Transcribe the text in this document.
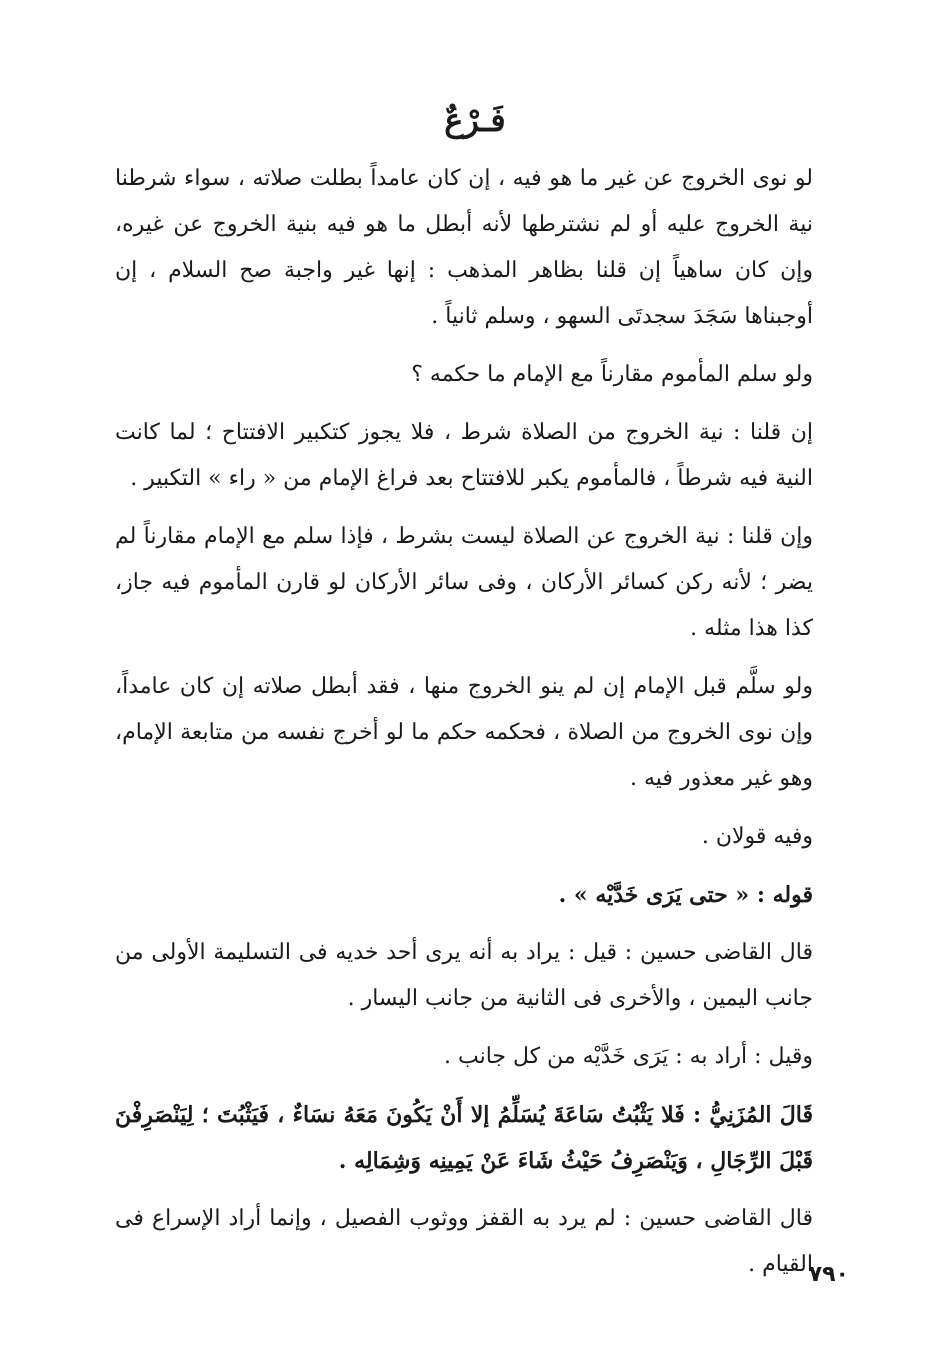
فَـرْعٌ

لو نوى الخروج عن غير ما هو فيه ، إن كان عامداً بطلت صلاته ، سواء شرطنا نية الخروج عليه أو لم نشترطها لأنه أبطل ما هو فيه بنية الخروج عن غيره، وإن كان ساهياً إن قلنا بظاهر المذهب : إنها غير واجبة صح السلام ، إن أوجبناها سَجَدَ سجدتَى السهو ، وسلم ثانياً .

ولو سلم المأموم مقارناً مع الإمام ما حكمه ؟

إن قلنا : نية الخروج من الصلاة شرط ، فلا يجوز كتكبير الافتتاح ؛ لما كانت النية فيه شرطاً ، فالمأموم يكبر للافتتاح بعد فراغ الإمام من « راء » التكبير .

وإن قلنا : نية الخروج عن الصلاة ليست بشرط ، فإذا سلم مع الإمام مقارناً لم يضر ؛ لأنه ركن كسائر الأركان ، وفى سائر الأركان لو قارن المأموم فيه جاز، كذا هذا مثله .

ولو سلَّم قبل الإمام إن لم ينو الخروج منها ، فقد أبطل صلاته إن كان عامداً، وإن نوى الخروج من الصلاة ، فحكمه حكم ما لو أخرج نفسه من متابعة الإمام، وهو غير معذور فيه .

وفيه قولان .

قوله : « حتى يَرَى خَدَّيْه » .

قال القاضى حسين : قيل : يراد به أنه يرى أحد خديه فى التسليمة الأولى من جانب اليمين ، والأخرى فى الثانية من جانب اليسار .

وقيل : أراد به : يَرَى خَدَّيْه من كل جانب .

قَالَ المُزَنِيُّ : فَلا يَثْبُتُ سَاعَةَ يُسَلِّمُ إلا أَنْ يَكُونَ مَعَهُ نسَاءٌ ، فَيَثْبُتَ ؛ لِيَنْصَرِفْنَ قَبْلَ الرِّجَالِ ، وَيَنْصَرِفُ حَيْثُ شَاءَ عَنْ يَمِينِه وَشِمَالِه .

قال القاضى حسين : لم يرد به القفز ووثوب الفصيل ، وإنما أراد الإسراع فى القيام .

٧٩٠
